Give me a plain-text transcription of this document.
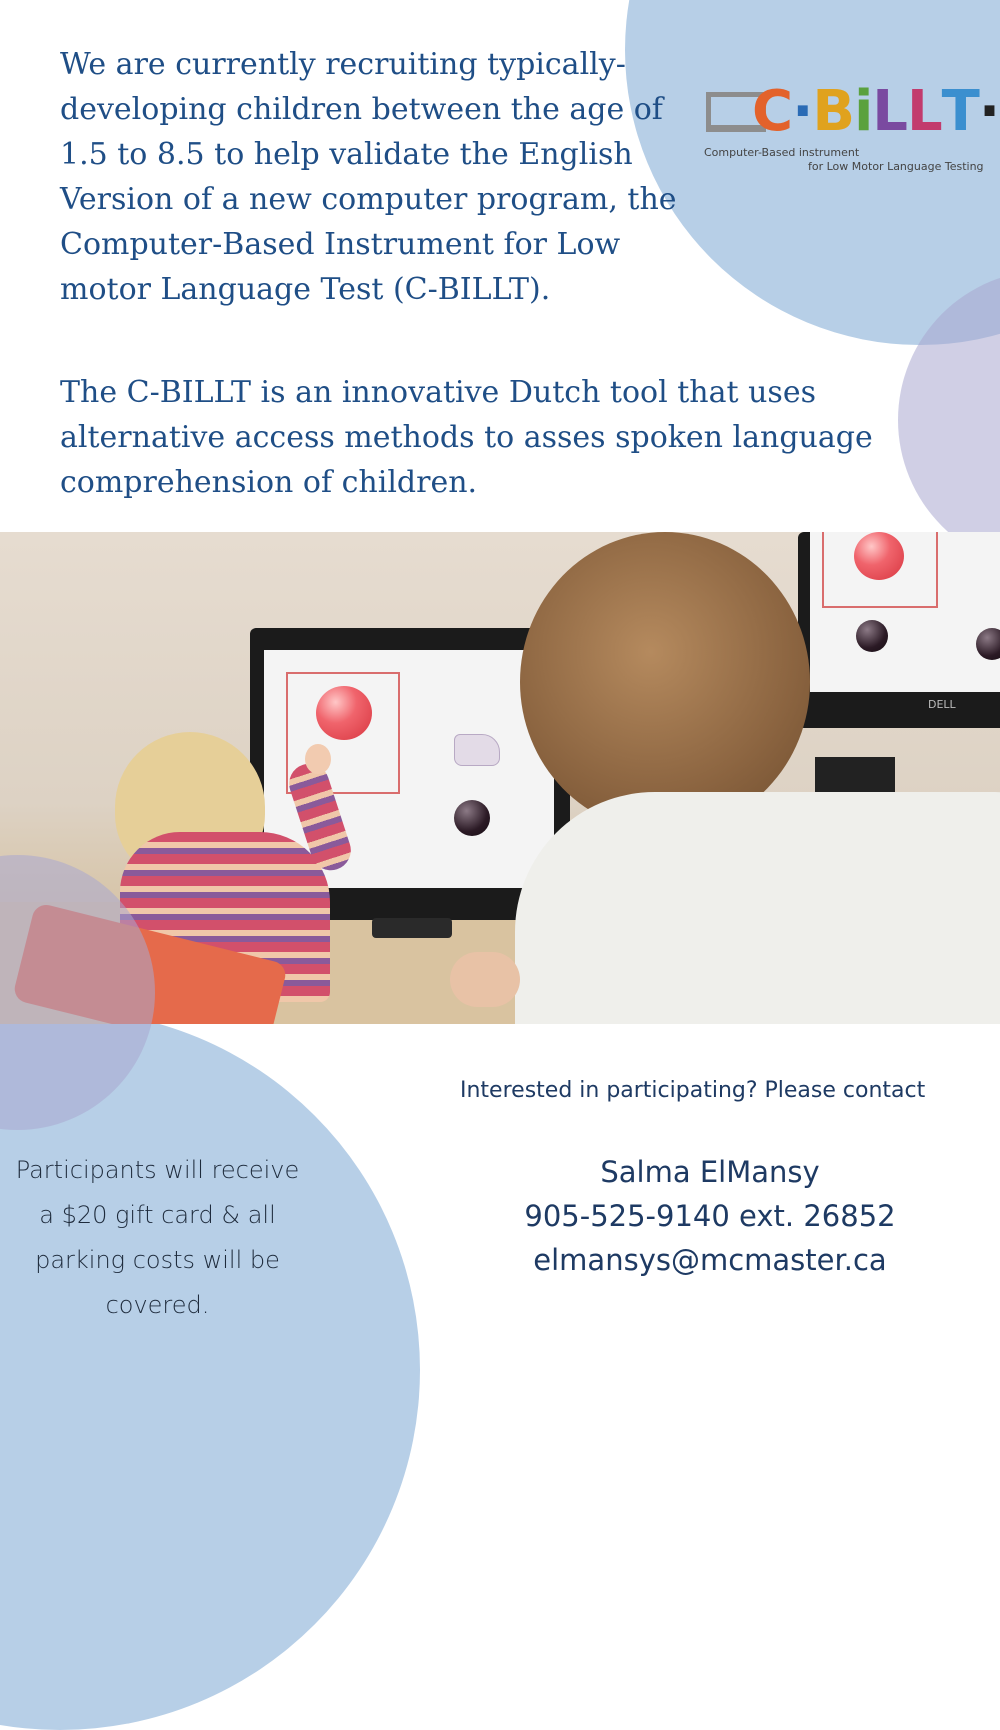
We are currently recruiting typically-developing children between the age of 1.5 to 8.5 to help validate the English Version of a new computer program, the Computer-Based Instrument for Low motor Language Test (C-BILLT).

The C-BILLT is an innovative Dutch tool that uses alternative access methods to asses spoken language comprehension of children.

C·BiLLT·
Computer-Based instrument
for Low Motor Language Testing
DELL

Interested in participating? Please contact

Salma ElMansy
905-525-9140 ext. 26852
elmansys@mcmaster.ca

Participants will receive a $20 gift card & all parking costs will be covered.
